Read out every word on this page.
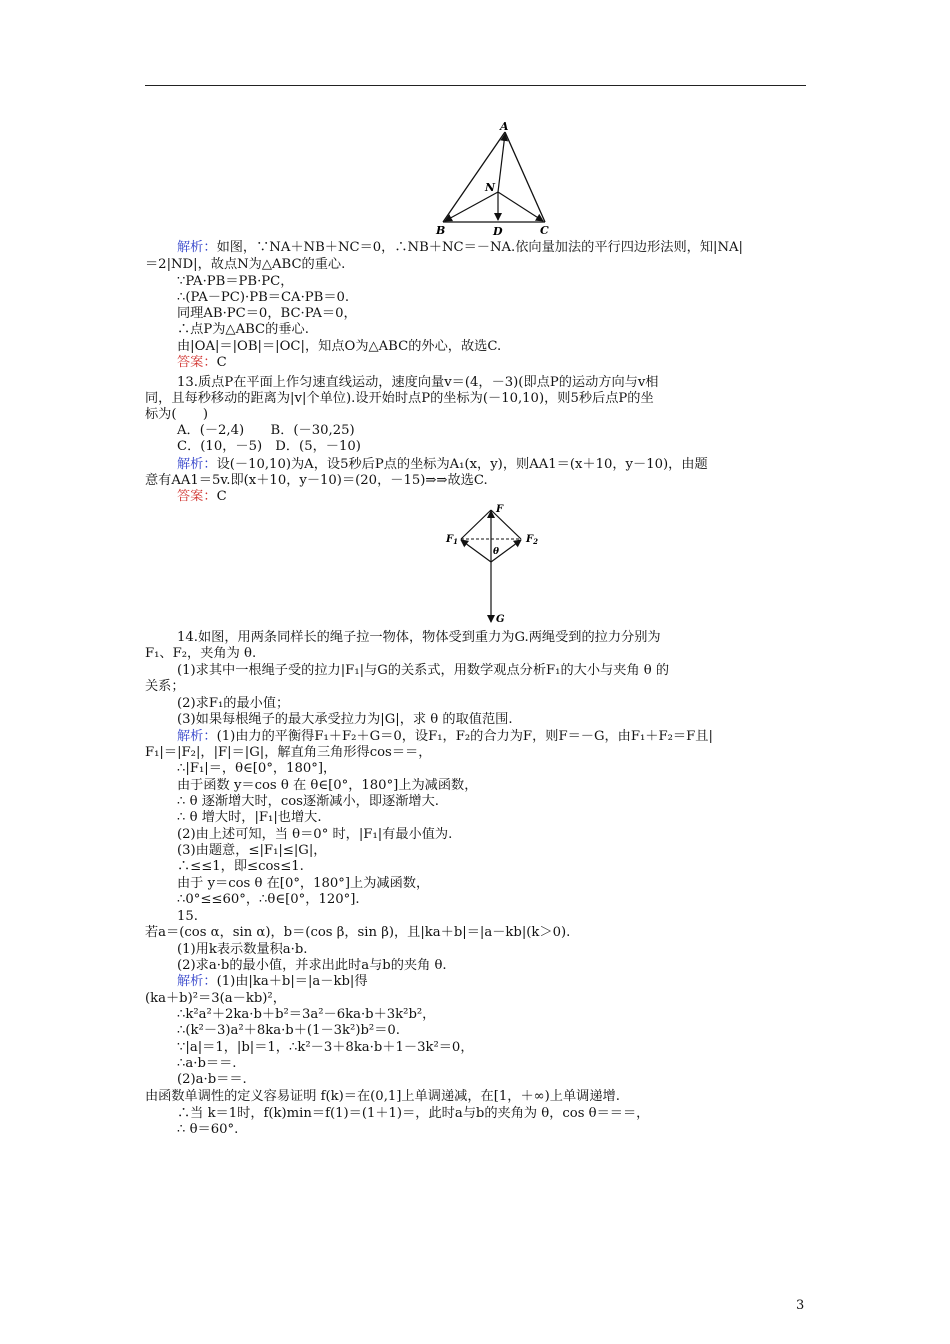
A
N
B	D	C
F
$F_1$	$F_2$
θ
G
解析：如图，∵NA＋NB＋NC＝0，∴NB＋NC＝－NA.依向量加法的平行四边形法则，知|NA|
＝2|ND|，故点N为△ABC的重心.
∵PA·PB＝PB·PC，
∴(PA－PC)·PB＝CA·PB＝0.
同理AB·PC＝0，BC·PA＝0，
∴点P为△ABC的垂心.
由|OA|＝|OB|＝|OC|，知点O为△ABC的外心，故选C.
答案：C
13.质点P在平面上作匀速直线运动，速度向量v＝(4，－3)(即点P的运动方向与v相
同，且每秒移动的距离为|v|个单位).设开始时点P的坐标为(－10,10)，则5秒后点P的坐
标为(　　)
A．(－2,4)　　B．(－30,25)
C．(10，－5)　D．(5，－10)
解析：设(－10,10)为A，设5秒后P点的坐标为A₁(x，y)，则AA1＝(x＋10，y－10)，由题
意有AA1＝5v.即(x＋10，y－10)＝(20，－15)⇒⇒故选C.
答案：C
14.如图，用两条同样长的绳子拉一物体，物体受到重力为G.两绳受到的拉力分别为
F₁、F₂，夹角为 θ.
(1)求其中一根绳子受的拉力|F₁|与G的关系式，用数学观点分析F₁的大小与夹角 θ 的
关系；
(2)求F₁的最小值；
(3)如果每根绳子的最大承受拉力为|G|，求 θ 的取值范围.
解析：(1)由力的平衡得F₁＋F₂＋G＝0，设F₁，F₂的合力为F，则F＝－G，由F₁＋F₂＝F且|
F₁|＝|F₂|，|F|＝|G|，解直角三角形得cos＝＝，
∴|F₁|＝，θ∈[0°，180°]，
由于函数 y＝cos θ 在 θ∈[0°，180°]上为减函数，
∴ θ 逐渐增大时，cos逐渐减小，即逐渐增大.
∴ θ 增大时，|F₁|也增大.
(2)由上述可知，当 θ＝0° 时，|F₁|有最小值为.
(3)由题意，≤|F₁|≤|G|，
∴≤≤1，即≤cos≤1.
由于 y＝cos θ 在[0°，180°]上为减函数，
∴0°≤≤60°，∴θ∈[0°，120°].
15.
若a＝(cos α，sin α)，b＝(cos β，sin β)，且|ka＋b|＝|a－kb|(k＞0).
(1)用k表示数量积a·b.
(2)求a·b的最小值，并求出此时a与b的夹角 θ.
解析：(1)由|ka＋b|＝|a－kb|得
(ka＋b)²＝3(a－kb)²，
∴k²a²＋2ka·b＋b²＝3a²－6ka·b＋3k²b²，
∴(k²－3)a²＋8ka·b＋(1－3k²)b²＝0.
∵|a|＝1，|b|＝1，∴k²－3＋8ka·b＋1－3k²＝0，
∴a·b＝＝.
(2)a·b＝＝.
由函数单调性的定义容易证明 f(k)＝在(0,1]上单调递减，在[1，＋∞)上单调递增.
∴当 k＝1时，f(k)min＝f(1)＝(1＋1)＝，此时a与b的夹角为 θ，cos θ＝＝＝，
∴ θ＝60°.
3
